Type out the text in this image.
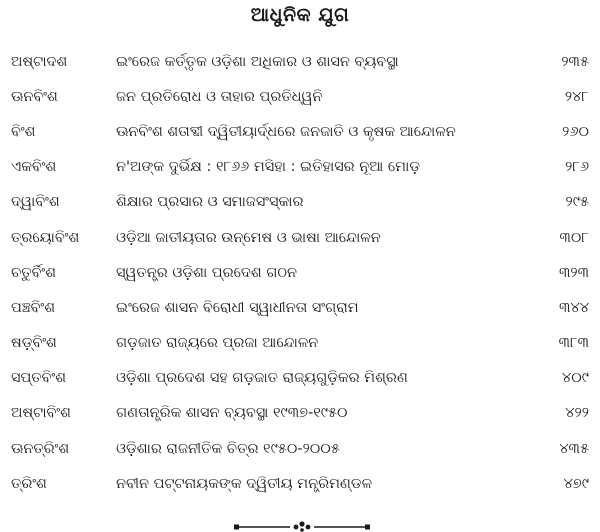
ଆଧୁନିକ ଯୁଗ
ଅଷ୍ଟାଦଶ	ଇଂରେଜ କର୍ତ୍ତୃକ ଓଡ଼ିଶା ଅଧିକାର ଓ ଶାସନ ବ୍ୟବସ୍ଥା	୨୩୫
ଊନବିଂଶ	ଜନ ପ୍ରତିରୋଧ ଓ ତାହାର ପ୍ରତିଧ୍ୱନି	୨୪୮
ବିଂଶ	ଊନବିଂଶ ଶତାବ୍ଦୀ ଦ୍ୱିତୀୟାର୍ଦ୍ଧରେ ଜନଜାତି ଓ କୃଷକ ଆନ୍ଦୋଳନ	୨୬୦
ଏକବିଂଶ	ନ'ଅଙ୍କ ଦୁର୍ଭିକ୍ଷ : ୧୮୬୬ ମସିହା : ଇତିହାସର ନୂଆ ମୋଡ଼	୨୮୬
ଦ୍ୱାବିଂଶ	ଶିକ୍ଷାର ପ୍ରସାର ଓ ସମାଜସଂସ୍କାର	୨୯୫
ତ୍ରୟୋବିଂଶ	ଓଡ଼ିଆ ଜାତୀୟତାର ଉନ୍ମେଷ ଓ ଭାଷା ଆନ୍ଦୋଳନ	୩୦୮
ଚତୁର୍ବିଂଶ	ସ୍ୱତନ୍ତ୍ର ଓଡ଼ିଶା ପ୍ରଦେଶ ଗଠନ	୩୨୩
ପଞ୍ଚବିଂଶ	ଇଂରେଜ ଶାସନ ବିରୋଧୀ ସ୍ୱାଧୀନତା ସଂଗ୍ରାମ	୩୪୪
ଷଡ଼୍‌ବିଂଶ	ଗଡ଼ଜାତ ରାଜ୍ୟରେ ପ୍ରଜା ଆନ୍ଦୋଳନ	୩୮୩
ସପ୍ତବିଂଶ	ଓଡ଼ିଶା ପ୍ରଦେଶ ସହ ଗଡ଼ଜାତ ରାଜ୍ୟଗୁଡ଼ିକର ମିଶ୍ରଣ	୪୦୯
ଅଷ୍ଟାବିଂଶ	ଗଣତାନ୍ତ୍ରିକ ଶାସନ ବ୍ୟବସ୍ଥା ୧୯୩୭-୧୯୫୦	୪୨୨
ଊନତ୍ରିଂଶ	ଓଡ଼ିଶାର ରାଜନୀତିକ ଚିତ୍ର ୧୯୫୦-୨୦୦୫	୪୩୫
ତ୍ରିଂଶ	ନବୀନ ପଟ୍ଟନାୟକଙ୍କ ଦ୍ୱିତୀୟ ମନ୍ତ୍ରିମଣ୍ଡଳ	୪୭୯
